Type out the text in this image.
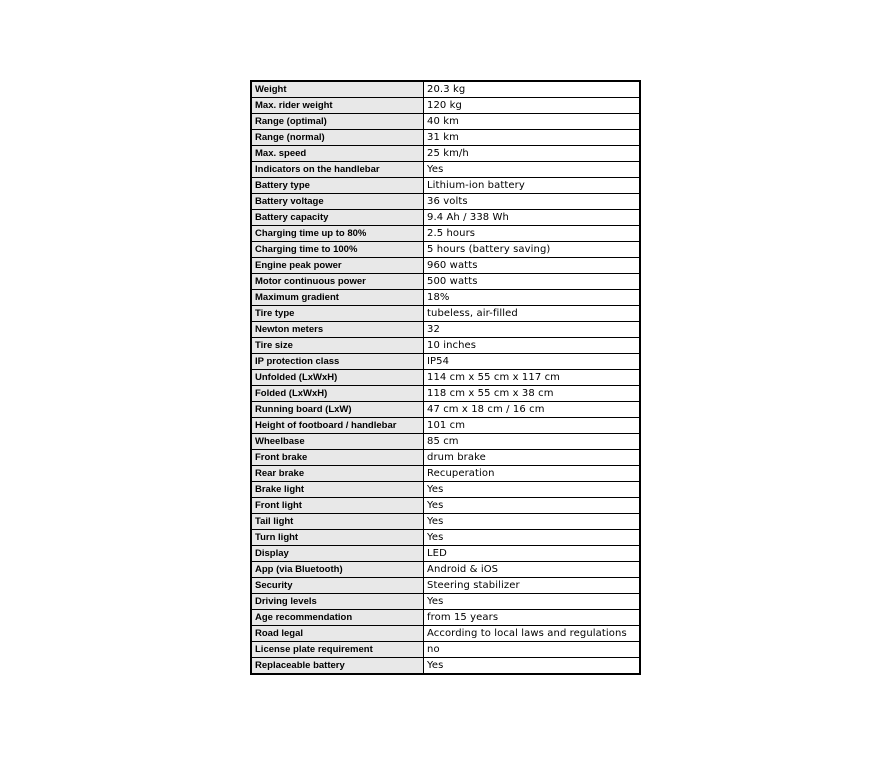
Weight	20.3 kg
Max. rider weight	120 kg
Range (optimal)	40 km
Range (normal)	31 km
Max. speed	25 km/h
Indicators on the handlebar	Yes
Battery type	Lithium-ion battery
Battery voltage	36 volts
Battery capacity	9.4 Ah / 338 Wh
Charging time up to 80%	2.5 hours
Charging time to 100%	5 hours (battery saving)
Engine peak power	960 watts
Motor continuous power	500 watts
Maximum gradient	18%
Tire type	tubeless, air-filled
Newton meters	32
Tire size	10 inches
IP protection class	IP54
Unfolded (LxWxH)	114 cm x 55 cm x 117 cm
Folded (LxWxH)	118 cm x 55 cm x 38 cm
Running board (LxW)	47 cm x 18 cm / 16 cm
Height of footboard / handlebar	101 cm
Wheelbase	85 cm
Front brake	drum brake
Rear brake	Recuperation
Brake light	Yes
Front light	Yes
Tail light	Yes
Turn light	Yes
Display	LED
App (via Bluetooth)	Android & iOS
Security	Steering stabilizer
Driving levels	Yes
Age recommendation	from 15 years
Road legal	According to local laws and regulations
License plate requirement	no
Replaceable battery	Yes
